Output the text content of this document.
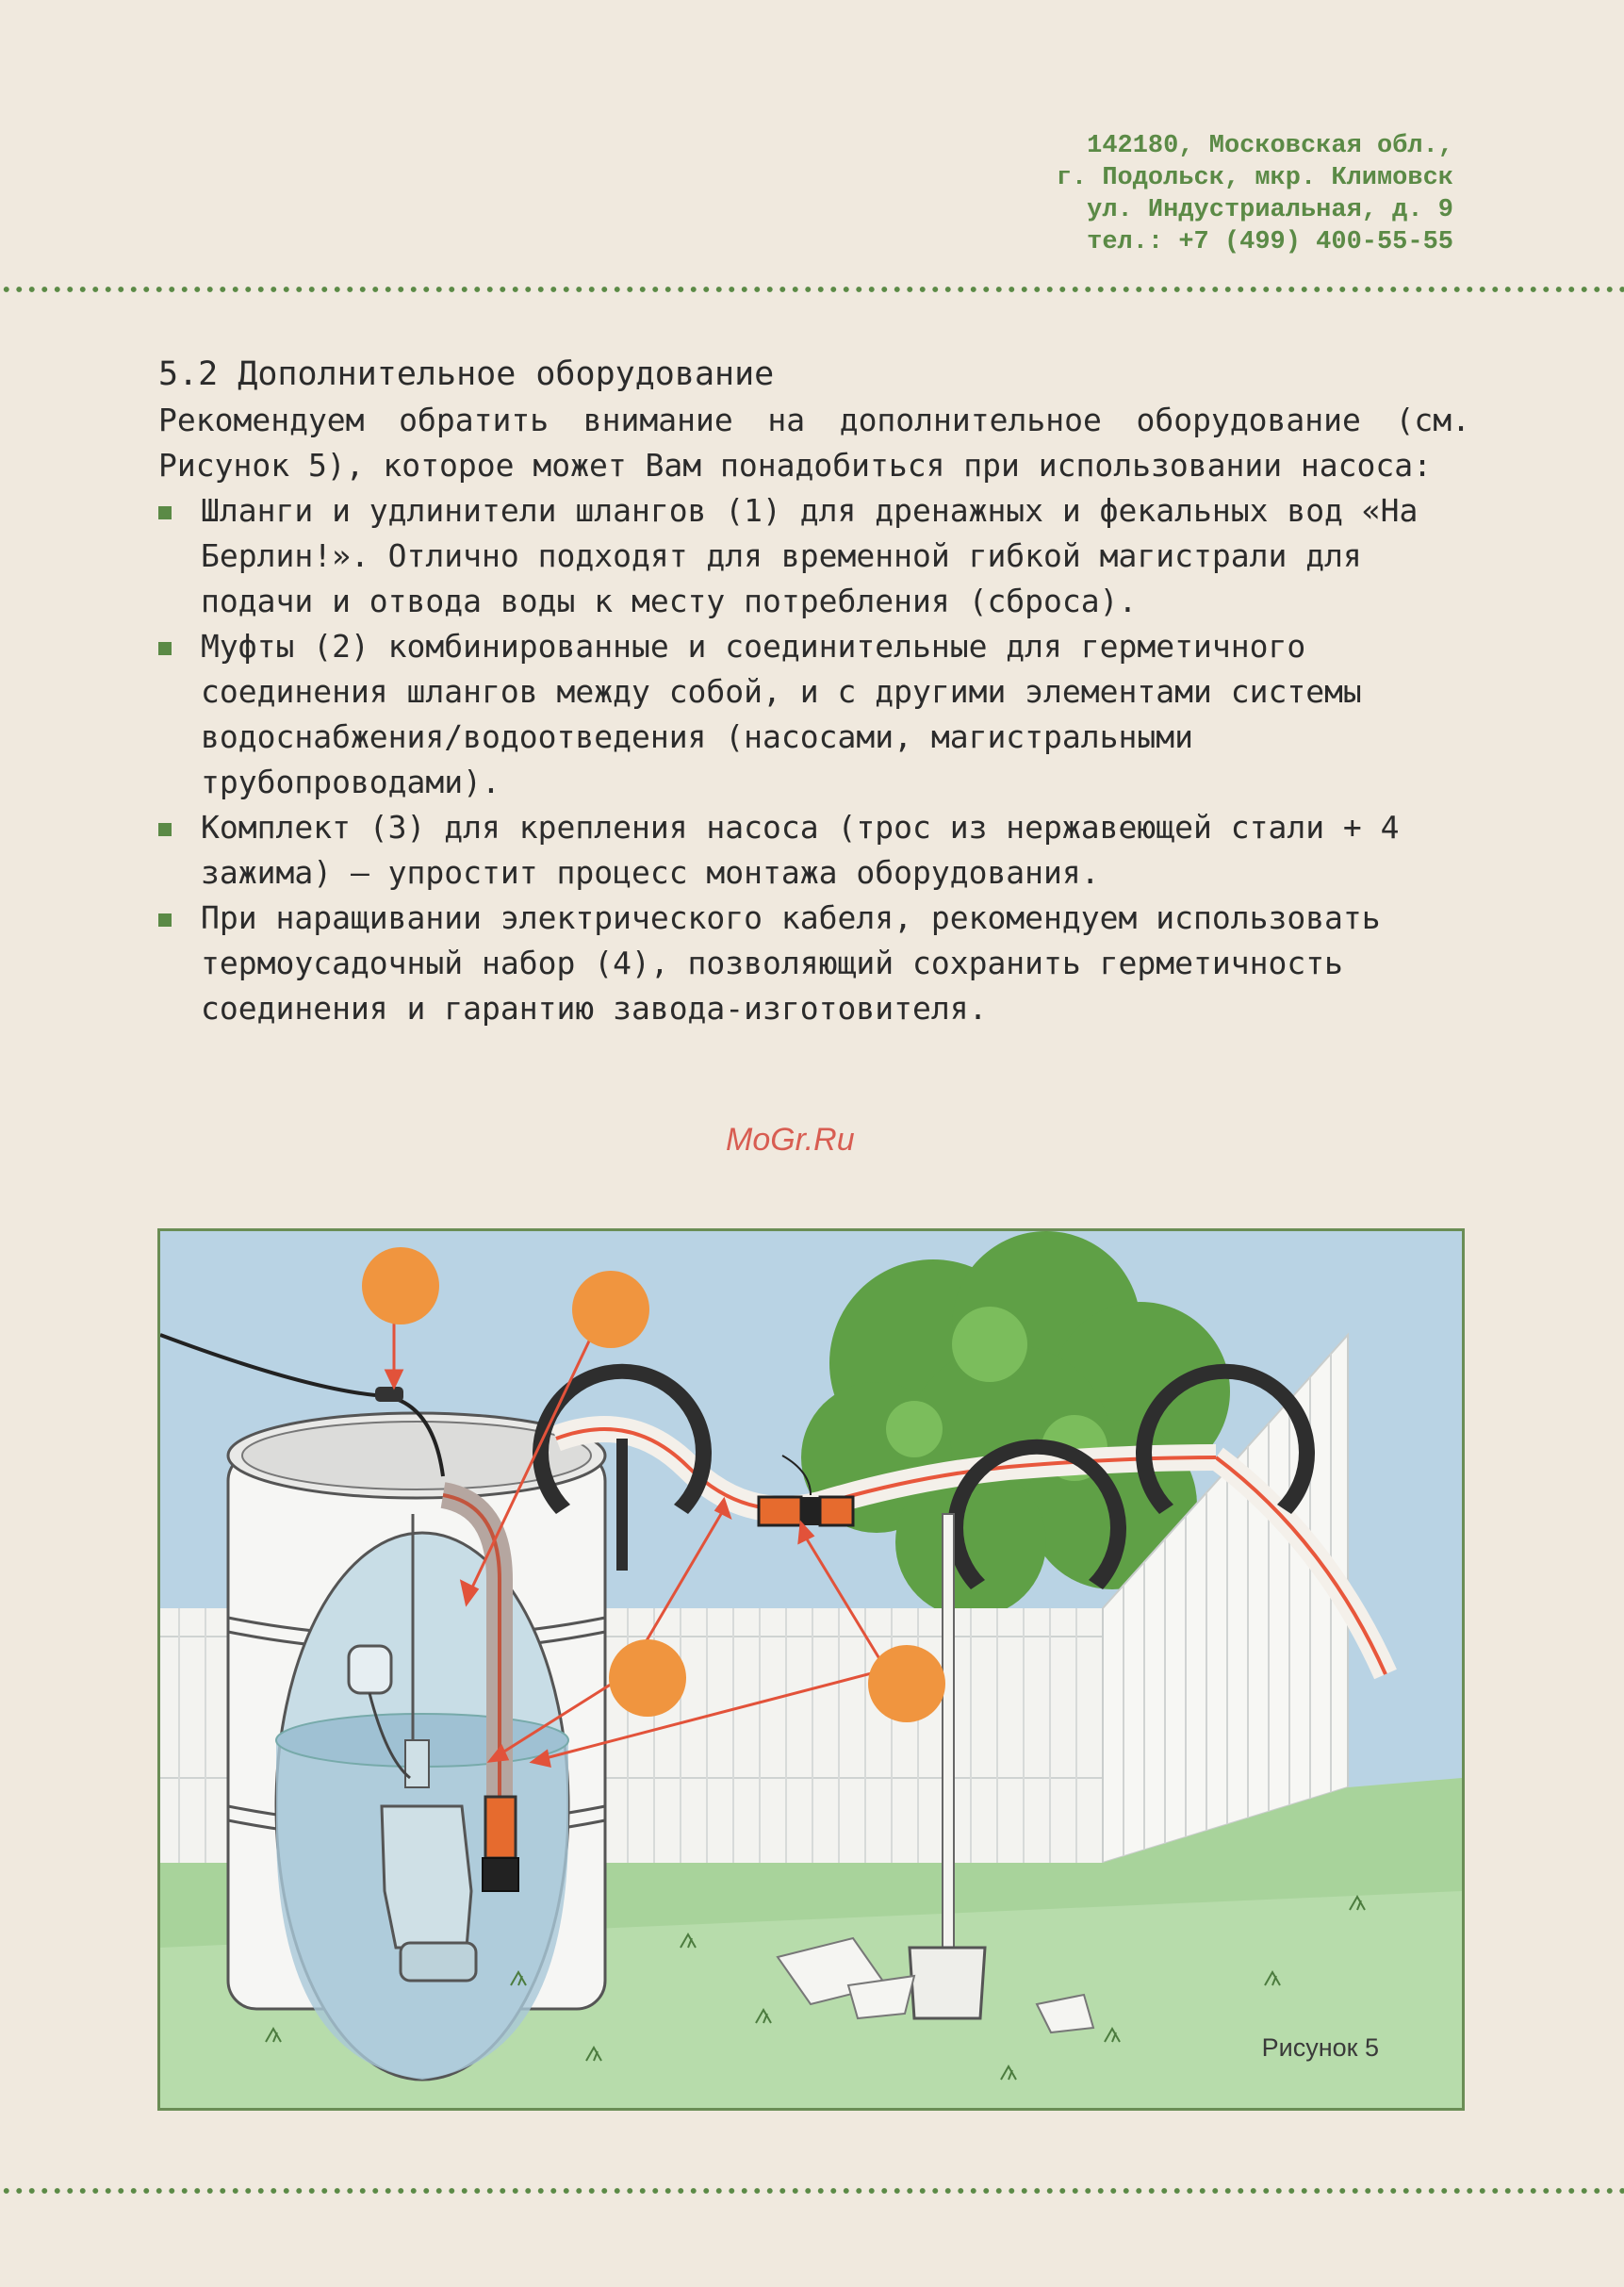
142180, Московская обл.,
г. Подольск, мкр. Климовск
ул. Индустриальная, д. 9
тел.: +7 (499) 400-55-55
5.2 Дополнительное оборудование

Рекомендуем обратить внимание на дополнительное оборудование (см. Рисунок 5), которое может Вам понадобиться при использовании насоса:

Шланги и удлинители шлангов (1) для дренажных и фекальных вод «На Берлин!». Отлично подходят для временной гибкой магистрали для подачи и отвода воды к месту потребления (сброса).
Муфты (2) комбинированные и соединительные для герметичного соединения шлангов между собой, и с другими элементами системы водоснабжения/водоотведения (насосами, магистральными трубопроводами).
Комплект (3) для крепления насоса (трос из нержавеющей стали + 4 зажима) — упростит процесс монтажа оборудования.
При наращивании электрического кабеля, рекомендуем использовать термоусадочный набор (4), позволяющий сохранить герметичность соединения и гарантию завода-изготовителя.
MoGr.Ru
Рисунок 5
